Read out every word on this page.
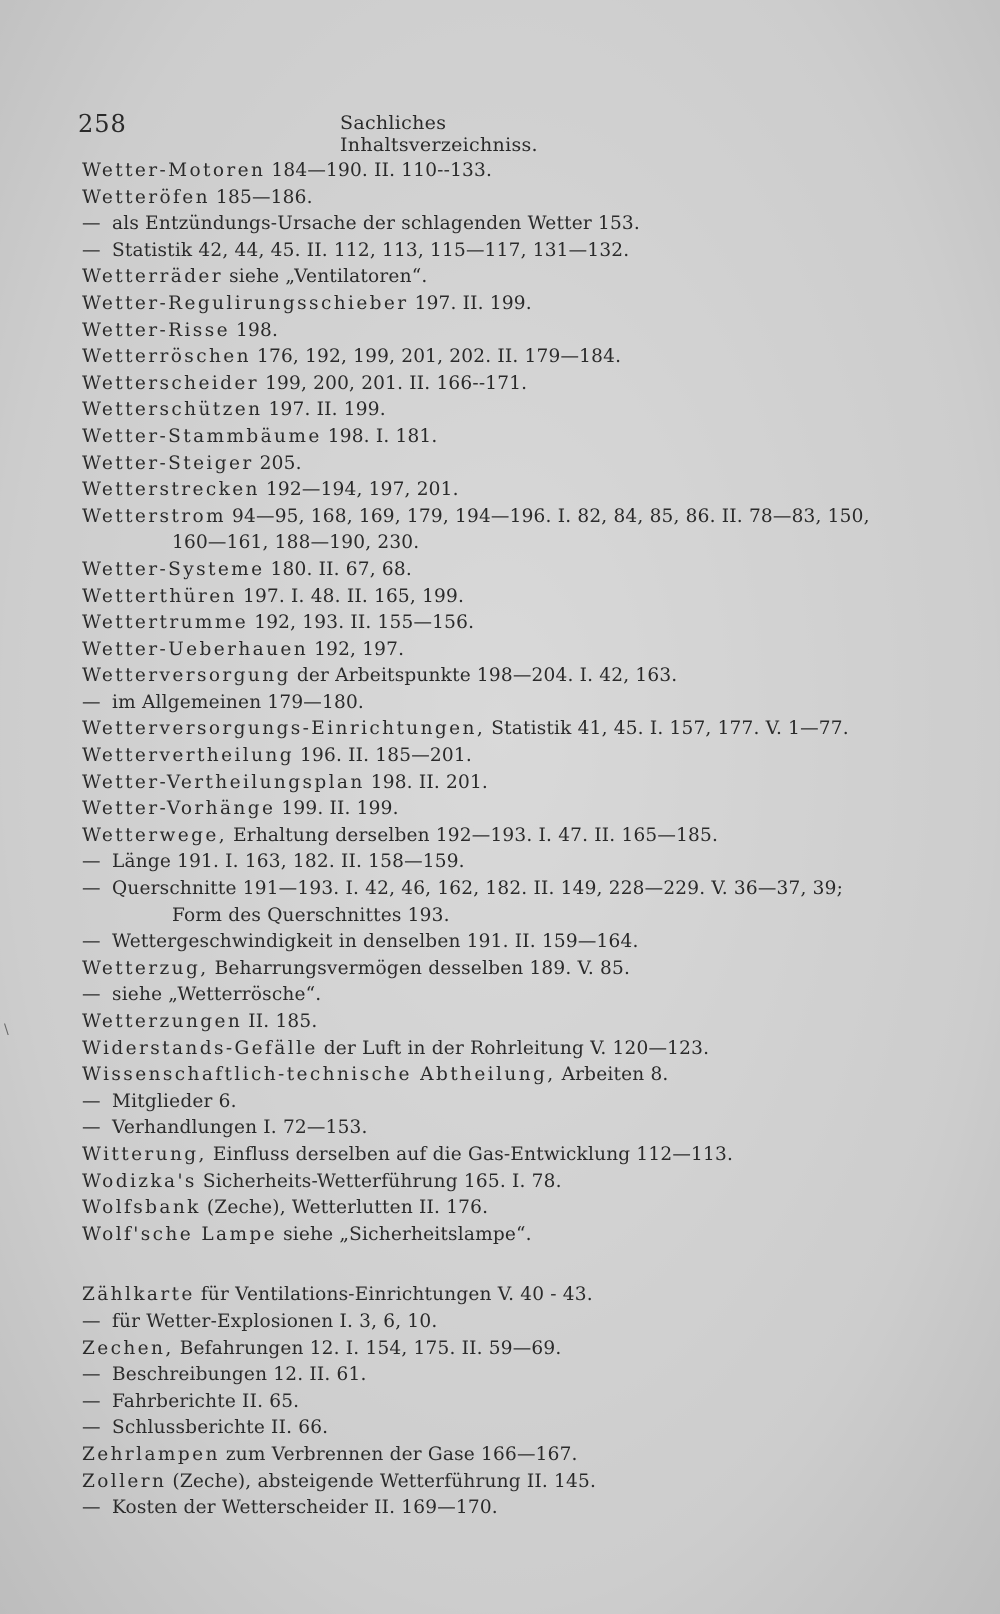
258	Sachliches Inhaltsverzeichniss.
\
Wetter-Motoren 184—190. II. 110--133.
Wetteröfen 185—186.
— als Entzündungs-Ursache der schlagenden Wetter 153.
— Statistik 42, 44, 45. II. 112, 113, 115—117, 131—132.
Wetterräder siehe „Ventilatoren“.
Wetter-Regulirungsschieber 197. II. 199.
Wetter-Risse 198.
Wetterröschen 176, 192, 199, 201, 202. II. 179—184.
Wetterscheider 199, 200, 201. II. 166--171.
Wetterschützen 197. II. 199.
Wetter-Stammbäume 198. I. 181.
Wetter-Steiger 205.
Wetterstrecken 192—194, 197, 201.
Wetterstrom 94—95, 168, 169, 179, 194—196. I. 82, 84, 85, 86. II. 78—83, 150,
160—161, 188—190, 230.
Wetter-Systeme 180. II. 67, 68.
Wetterthüren 197. I. 48. II. 165, 199.
Wettertrumme 192, 193. II. 155—156.
Wetter-Ueberhauen 192, 197.
Wetterversorgung der Arbeitspunkte 198—204. I. 42, 163.
— im Allgemeinen 179—180.
Wetterversorgungs-Einrichtungen, Statistik 41, 45. I. 157, 177. V. 1—77.
Wettervertheilung 196. II. 185—201.
Wetter-Vertheilungsplan 198. II. 201.
Wetter-Vorhänge 199. II. 199.
Wetterwege, Erhaltung derselben 192—193. I. 47. II. 165—185.
— Länge 191. I. 163, 182. II. 158—159.
— Querschnitte 191—193. I. 42, 46, 162, 182. II. 149, 228—229. V. 36—37, 39;
Form des Querschnittes 193.
— Wettergeschwindigkeit in denselben 191. II. 159—164.
Wetterzug, Beharrungsvermögen desselben 189. V. 85.
— siehe „Wetterrösche“.
Wetterzungen II. 185.
Widerstands-Gefälle der Luft in der Rohrleitung V. 120—123.
Wissenschaftlich-technische Abtheilung, Arbeiten 8.
— Mitglieder 6.
— Verhandlungen I. 72—153.
Witterung, Einfluss derselben auf die Gas-Entwicklung 112—113.
Wodizka's Sicherheits-Wetterführung 165. I. 78.
Wolfsbank (Zeche), Wetterlutten II. 176.
Wolf'sche Lampe siehe „Sicherheitslampe“.
Zählkarte für Ventilations-Einrichtungen V. 40 - 43.
— für Wetter-Explosionen I. 3, 6, 10.
Zechen, Befahrungen 12. I. 154, 175. II. 59—69.
— Beschreibungen 12. II. 61.
— Fahrberichte II. 65.
— Schlussberichte II. 66.
Zehrlampen zum Verbrennen der Gase 166—167.
Zollern (Zeche), absteigende Wetterführung II. 145.
— Kosten der Wetterscheider II. 169—170.
